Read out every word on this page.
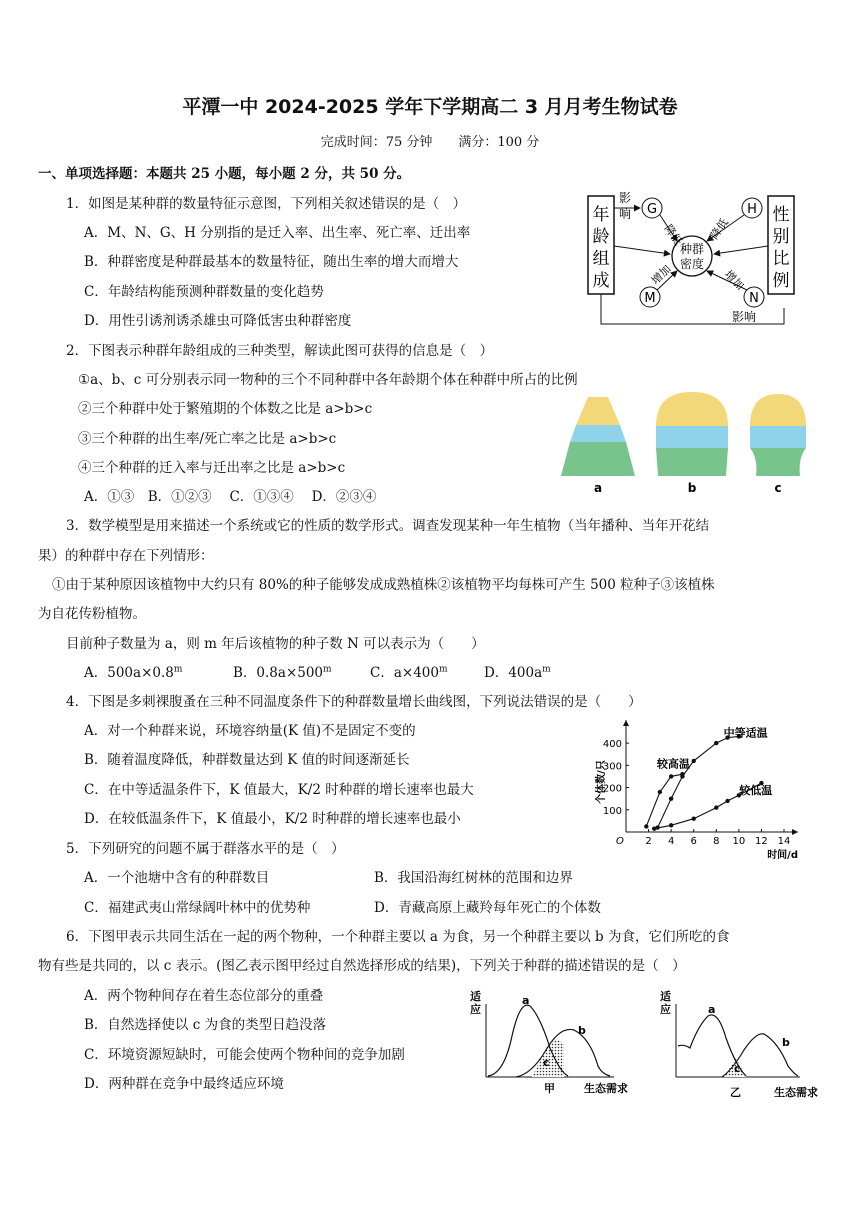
平潭一中 2024-2025 学年下学期高二 3 月月考生物试卷
完成时间：75 分钟　　满分：100 分
一、单项选择题：本题共 25 小题，每小题 2 分，共 50 分。
1．如图是某种群的数量特征示意图，下列相关叙述错误的是（　）
A．M、N、G、H 分别指的是迁入率、出生率、死亡率、迁出率
B．种群密度是种群最基本的数量特征，随出生率的增大而增大
C．年龄结构能预测种群数量的变化趋势
D．用性引诱剂诱杀雄虫可降低害虫种群密度
年
龄
组
成
性
别
比
例
种群
密度
G	H
M	N
影
响
影响
降低 降低
增加	增加
2．下图表示种群年龄组成的三种类型，解读此图可获得的信息是（　）
①a、b、c 可分别表示同一物种的三个不同种群中各年龄期个体在种群中所占的比例
②三个种群中处于繁殖期的个体数之比是 a>b>c
③三个种群的出生率/死亡率之比是 a>b>c
④三个种群的迁入率与迁出率之比是 a>b>c
A．①③　B．①②③　 C．①③④　 D．②③④
a	b	c
3．数学模型是用来描述一个系统或它的性质的数学形式。调查发现某种一年生植物（当年播种、当年开花结
果）的种群中存在下列情形：
①由于某种原因该植物中大约只有 80%的种子能够发成成熟植株②该植物平均每株可产生 500 粒种子③该植株
为自花传粉植物。
目前种子数量为 a，则 m 年后该植物的种子数 N 可以表示为（　　）
A．$500a\times 0.8^m$	B．$0.8a\times 500^m$	C．$a\times 400^m$	D．$400a^m$
4．下图是多刺裸腹蚤在三种不同温度条件下的种群数量增长曲线图，下列说法错误的是（　　）
A．对一个种群来说，环境容纳量(K 值)不是固定不变的
B．随着温度降低，种群数量达到 K 值的时间逐渐延长
C．在中等适温条件下，K 值最大，K/2 时种群的增长速率也最大
D．在较低温条件下，K 值最小，K/2 时种群的增长速率也最小
2 4 6 8 10 12 14
100
200
300
400
O
时间/d
个体数/只	较高温
中等适温
较低温
5．下列研究的问题不属于群落水平的是（　）
A．一个池塘中含有的种群数目	B．我国沿海红树林的范围和边界
C．福建武夷山常绿阔叶林中的优势种	D．青藏高原上藏羚每年死亡的个体数
6．下图甲表示共同生活在一起的两个物种，一个种群主要以 a 为食，另一个种群主要以 b 为食，它们所吃的食
物有些是共同的，以 c 表示。(图乙表示图甲经过自然选择形成的结果)，下列关于种群的描述错误的是（　）
A．两个物种间存在着生态位部分的重叠
B．自然选择使以 c 为食的类型日趋没落
C．环境资源短缺时，可能会使两个物种间的竞争加剧
D．两种群在竞争中最终适应环境
适
应
a
b
c
甲	生态需求
适
应	a
b
c
乙	生态需求
